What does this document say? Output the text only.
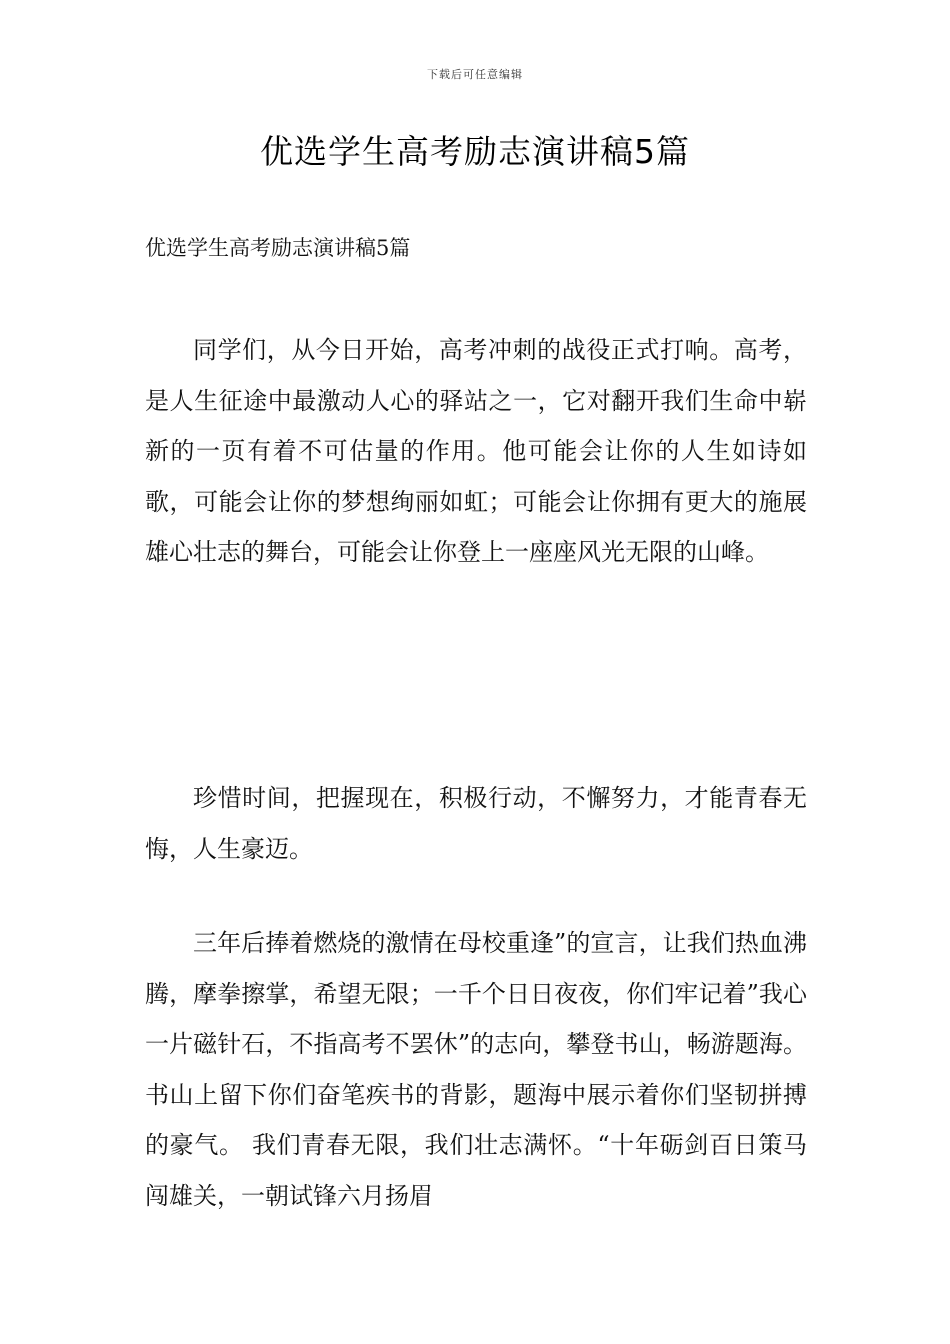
下载后可任意编辑
优选学生高考励志演讲稿5篇
优选学生高考励志演讲稿5篇

同学们，从今日开始，高考冲刺的战役正式打响。高考，是人生征途中最激动人心的驿站之一，它对翻开我们生命中崭新的一页有着不可估量的作用。他可能会让你的人生如诗如歌，可能会让你的梦想绚丽如虹；可能会让你拥有更大的施展雄心壮志的舞台，可能会让你登上一座座风光无限的山峰。

珍惜时间，把握现在，积极行动，不懈努力，才能青春无悔，人生豪迈。

三年后捧着燃烧的激情在母校重逢”的宣言，让我们热血沸腾，摩拳擦掌，希望无限；一千个日日夜夜，你们牢记着”我心一片磁针石，不指高考不罢休”的志向，攀登书山，畅游题海。书山上留下你们奋笔疾书的背影，题海中展示着你们坚韧拼搏的豪气。 我们青春无限，我们壮志满怀。“十年砺剑百日策马闯雄关，一朝试锋六月扬眉
